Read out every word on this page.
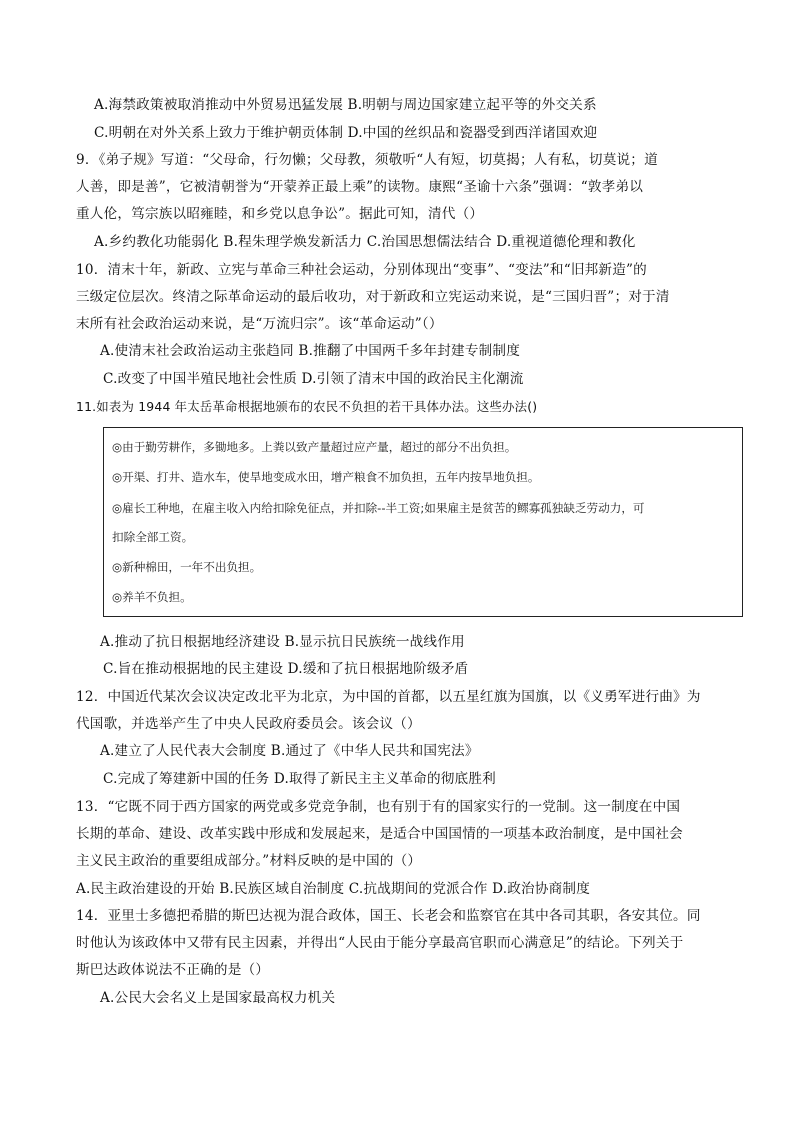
A.海禁政策被取消推动中外贸易迅猛发展 B.明朝与周边国家建立起平等的外交关系
C.明朝在对外关系上致力于维护朝贡体制 D.中国的丝织品和瓷器受到西洋诸国欢迎
9．《弟子规》写道：“父母命，行勿懒；父母教，须敬听“人有短，切莫揭；人有私，切莫说；道
人善，即是善”，它被清朝誉为“开蒙养正最上乘”的读物。康熙“圣谕十六条”强调：“敦孝弟以
重人伦，笃宗族以昭雍睦，和乡党以息争讼”。据此可知，清代（）
A.乡约教化功能弱化 B.程朱理学焕发新活力 C.治国思想儒法结合 D.重视道德伦理和教化
10．清末十年，新政、立宪与革命三种社会运动，分别体现出“变事”、“变法”和“旧邦新造”的
三级定位层次。终清之际革命运动的最后收功，对于新政和立宪运动来说，是“三国归晋”；对于清
末所有社会政治运动来说，是“万流归宗”。该“革命运动”（）
A.使清末社会政治运动主张趋同 B.推翻了中国两千多年封建专制制度
C.改变了中国半殖民地社会性质 D.引领了清末中国的政治民主化潮流
11.如表为 1944 年太岳革命根据地颁布的农民不负担的若干具体办法。这些办法()
◎由于勤劳耕作，多锄地多。上粪以致产量超过应产量，超过的部分不出负担。
◎开渠、打井、造水车，使旱地变成水田，增产粮食不加负担，五年内按旱地负担。
◎雇长工种地，在雇主收入内给扣除免征点，并扣除--半工资;如果雇主是贫苦的鳏寡孤独缺乏劳动力，可
扣除全部工资。
◎新种棉田，一年不出负担。
◎养羊不负担。
A.推动了抗日根据地经济建设 B.显示抗日民族统一战线作用
C.旨在推动根据地的民主建设 D.缓和了抗日根据地阶级矛盾
12．中国近代某次会议决定改北平为北京，为中国的首都，以五星红旗为国旗，以《义勇军进行曲》为
代国歌，并选举产生了中央人民政府委员会。该会议（）
A.建立了人民代表大会制度 B.通过了《中华人民共和国宪法》
C.完成了筹建新中国的任务 D.取得了新民主主义革命的彻底胜利
13．“它既不同于西方国家的两党或多党竞争制，也有别于有的国家实行的一党制。这一制度在中国
长期的革命、建设、改革实践中形成和发展起来，是适合中国国情的一项基本政治制度，是中国社会
主义民主政治的重要组成部分。”材料反映的是中国的（）
A.民主政治建设的开始 B.民族区域自治制度 C.抗战期间的党派合作 D.政治协商制度
14．亚里士多德把希腊的斯巴达视为混合政体，国王、长老会和监察官在其中各司其职，各安其位。同
时他认为该政体中又带有民主因素，并得出“人民由于能分享最高官职而心满意足”的结论。下列关于
斯巴达政体说法不正确的是（）
A.公民大会名义上是国家最高权力机关
